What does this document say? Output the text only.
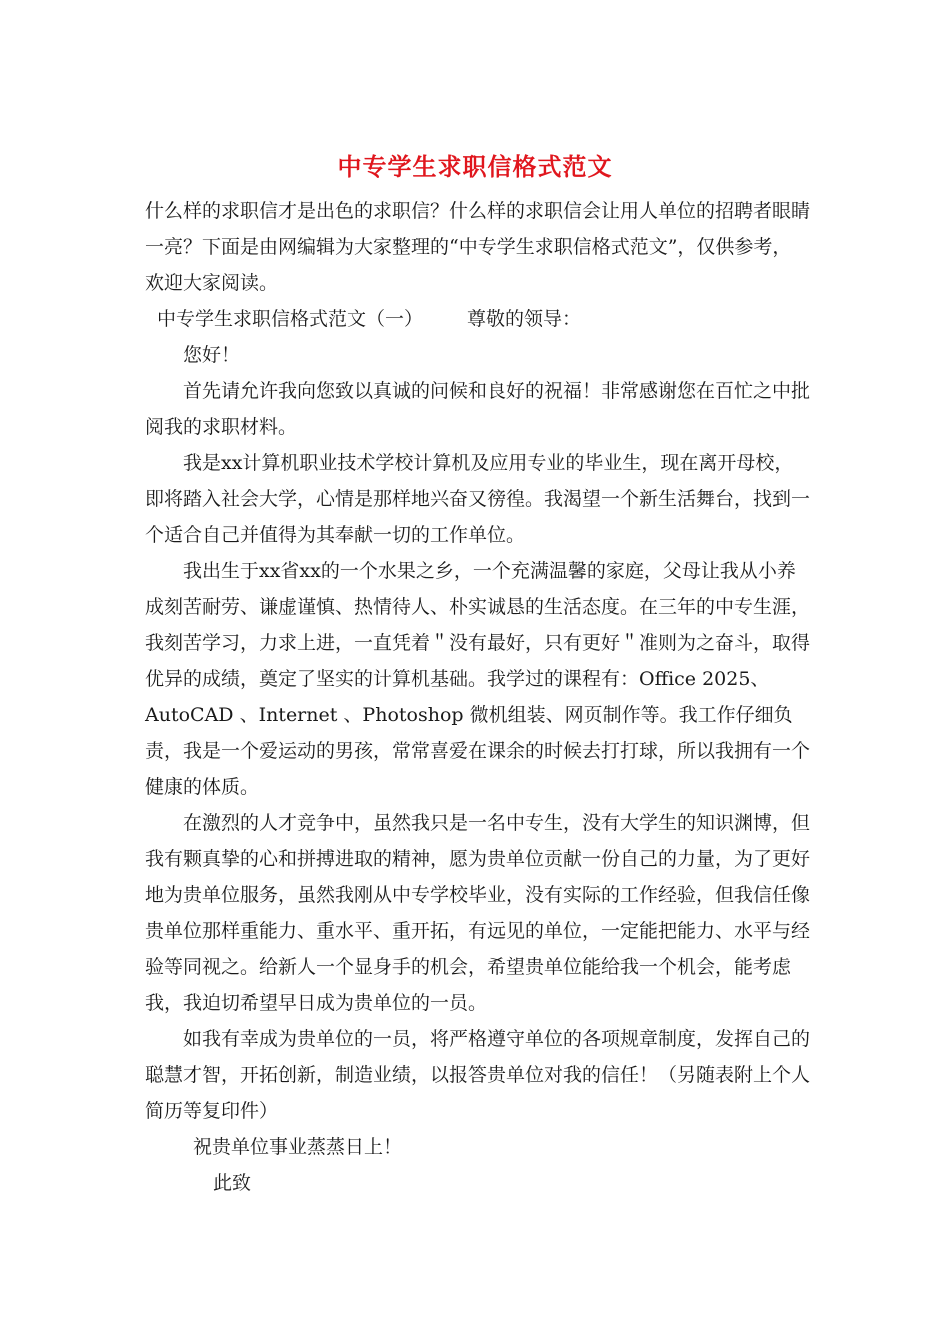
中专学生求职信格式范文

什么样的求职信才是出色的求职信？什么样的求职信会让用人单位的招聘者眼睛一亮？下面是由网编辑为大家整理的“中专学生求职信格式范文”，仅供参考，欢迎大家阅读。

中专学生求职信格式范文（一） 尊敬的领导：

您好！

首先请允许我向您致以真诚的问候和良好的祝福！非常感谢您在百忙之中批阅我的求职材料。

我是xx计算机职业技术学校计算机及应用专业的毕业生，现在离开母校，即将踏入社会大学，心情是那样地兴奋又徬徨。我渴望一个新生活舞台，找到一个适合自己并值得为其奉献一切的工作单位。

我出生于xx省xx的一个水果之乡，一个充满温馨的家庭，父母让我从小养成刻苦耐劳、谦虚谨慎、热情待人、朴实诚恳的生活态度。在三年的中专生涯，我刻苦学习，力求上进，一直凭着＂没有最好，只有更好＂准则为之奋斗，取得优异的成绩，奠定了坚实的计算机基础。我学过的课程有：Office 2025、AutoCAD 、Internet 、Photoshop 微机组装、网页制作等。我工作仔细负责，我是一个爱运动的男孩，常常喜爱在课余的时候去打打球，所以我拥有一个健康的体质。

在激烈的人才竞争中，虽然我只是一名中专生，没有大学生的知识渊博，但我有颗真挚的心和拼搏进取的精神，愿为贵单位贡献一份自己的力量，为了更好地为贵单位服务，虽然我刚从中专学校毕业，没有实际的工作经验，但我信任像贵单位那样重能力、重水平、重开拓，有远见的单位，一定能把能力、水平与经验等同视之。给新人一个显身手的机会，希望贵单位能给我一个机会，能考虑我，我迫切希望早日成为贵单位的一员。

如我有幸成为贵单位的一员，将严格遵守单位的各项规章制度，发挥自己的聪慧才智，开拓创新，制造业绩，以报答贵单位对我的信任！（另随表附上个人简历等复印件）

祝贵单位事业蒸蒸日上！

此致
